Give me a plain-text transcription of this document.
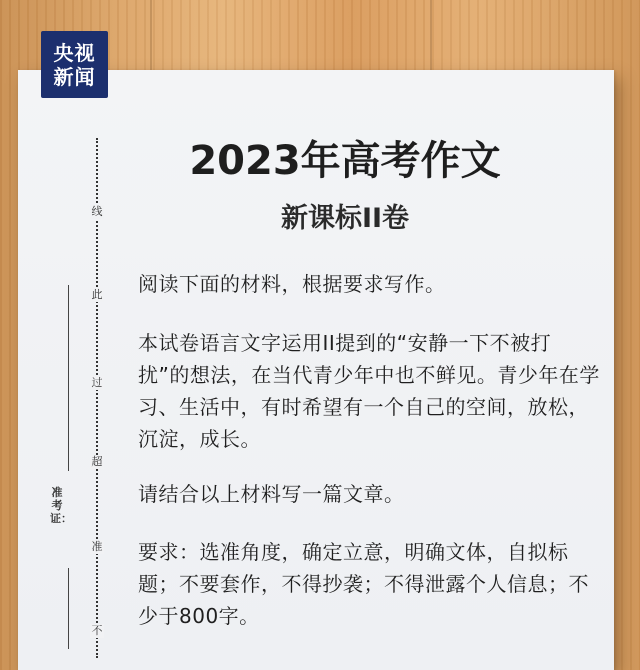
央视
新闻
线
此
过
超
准
不
准考证：
2023年高考作文
新课标II卷

阅读下面的材料，根据要求写作。

本试卷语言文字运用II提到的“安静一下不被打扰”的想法，在当代青少年中也不鲜见。青少年在学习、生活中，有时希望有一个自己的空间，放松，沉淀，成长。

请结合以上材料写一篇文章。

要求：选准角度，确定立意，明确文体，自拟标题；不要套作，不得抄袭；不得泄露个人信息；不少于800字。
